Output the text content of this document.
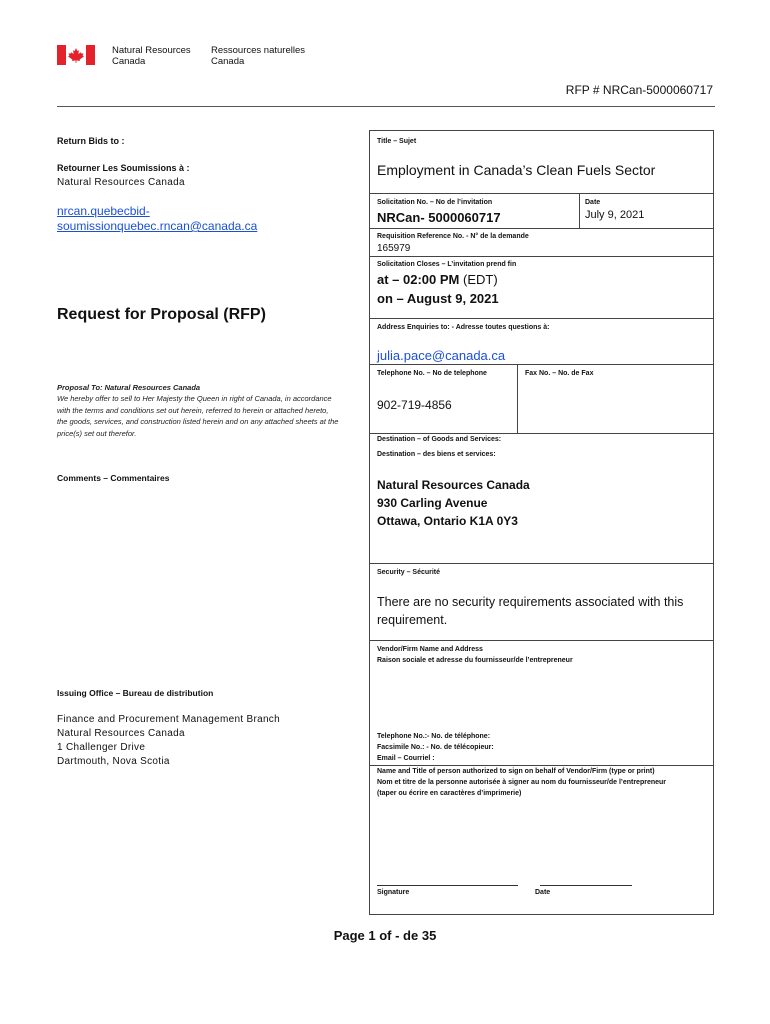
Natural Resources
Canada
Ressources naturelles
Canada
RFP # NRCan-5000060717
Return Bids to :
Retourner Les Soumissions à :
Natural Resources Canada
nrcan.quebecbid-
soumissionquebec.rncan@canada.ca
Request for Proposal (RFP)
Proposal To: Natural Resources Canada
We hereby offer to sell to Her Majesty the Queen in right of Canada, in accordance
with the terms and conditions set out herein, referred to herein or attached hereto,
the goods, services, and construction listed herein and on any attached sheets at the
price(s) set out therefor.
Comments – Commentaires
Issuing Office – Bureau de distribution
Finance and Procurement Management Branch
Natural Resources Canada
1 Challenger Drive
Dartmouth, Nova Scotia
Title – Sujet
Employment in Canada’s Clean Fuels Sector
Solicitation No. – No de l’invitation
NRCan- 5000060717
Date
July 9, 2021
Requisition Reference No. - N° de la demande
165979
Solicitation Closes – L’invitation prend fin
at – 02:00 PM (EDT)
on – August 9, 2021
Address Enquiries to: - Adresse toutes questions à:
julia.pace@canada.ca
Telephone No. – No de telephone
902-719-4856
Fax No. – No. de Fax
Destination – of Goods and Services:
Destination – des biens et services:
Natural Resources Canada
930 Carling Avenue
Ottawa, Ontario K1A 0Y3
Security – Sécurité
There are no security requirements associated with this
requirement.
Vendor/Firm Name and Address
Raison sociale et adresse du fournisseur/de l’entrepreneur
Telephone No.:- No. de téléphone:
Facsimile No.: - No. de télécopieur:
Email – Courriel :
Name and Title of person authorized to sign on behalf of Vendor/Firm (type or print)
Nom et titre de la personne autorisée à signer au nom du fournisseur/de l’entrepreneur
(taper ou écrire en caractères d’imprimerie)
Signature	Date
Page 1 of - de 35
